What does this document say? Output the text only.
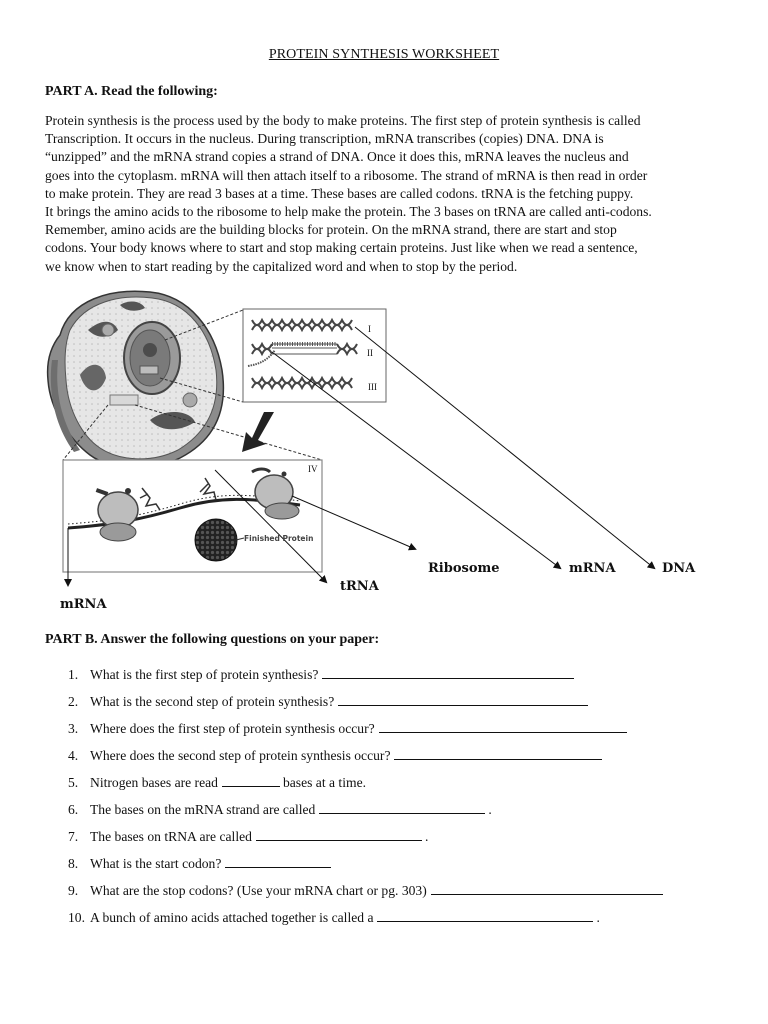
PROTEIN SYNTHESIS WORKSHEET
PART A. Read the following:
Protein synthesis is the process used by the body to make proteins. The first step of protein synthesis is called
Transcription. It occurs in the nucleus. During transcription, mRNA transcribes (copies) DNA. DNA is
“unzipped” and the mRNA strand copies a strand of DNA. Once it does this, mRNA leaves the nucleus and
goes into the cytoplasm. mRNA will then attach itself to a ribosome. The strand of mRNA is then read in order
to make protein. They are read 3 bases at a time. These bases are called codons. tRNA is the fetching puppy.
It brings the amino acids to the ribosome to help make the protein. The 3 bases on tRNA are called anti-codons.
Remember, amino acids are the building blocks for protein. On the mRNA strand, there are start and stop
codons. Your body knows where to start and stop making certain proteins. Just like when we read a sentence,
we know when to start reading by the capitalized word and when to stop by the period.
I
II
III
IV
Finished Protein
Ribosome	mRNA	DNA
tRNA
mRNA
PART B. Answer the following questions on your paper:
1. What is the first step of protein synthesis?
2. What is the second step of protein synthesis?
3. Where does the first step of protein synthesis occur?
4. Where does the second step of protein synthesis occur?
5. Nitrogen bases are read	bases at a time.
6. The bases on the mRNA strand are called	.
7. The bases on tRNA are called	.
8. What is the start codon?
9. What are the stop codons? (Use your mRNA chart or pg. 303)
10. A bunch of amino acids attached together is called a	.
